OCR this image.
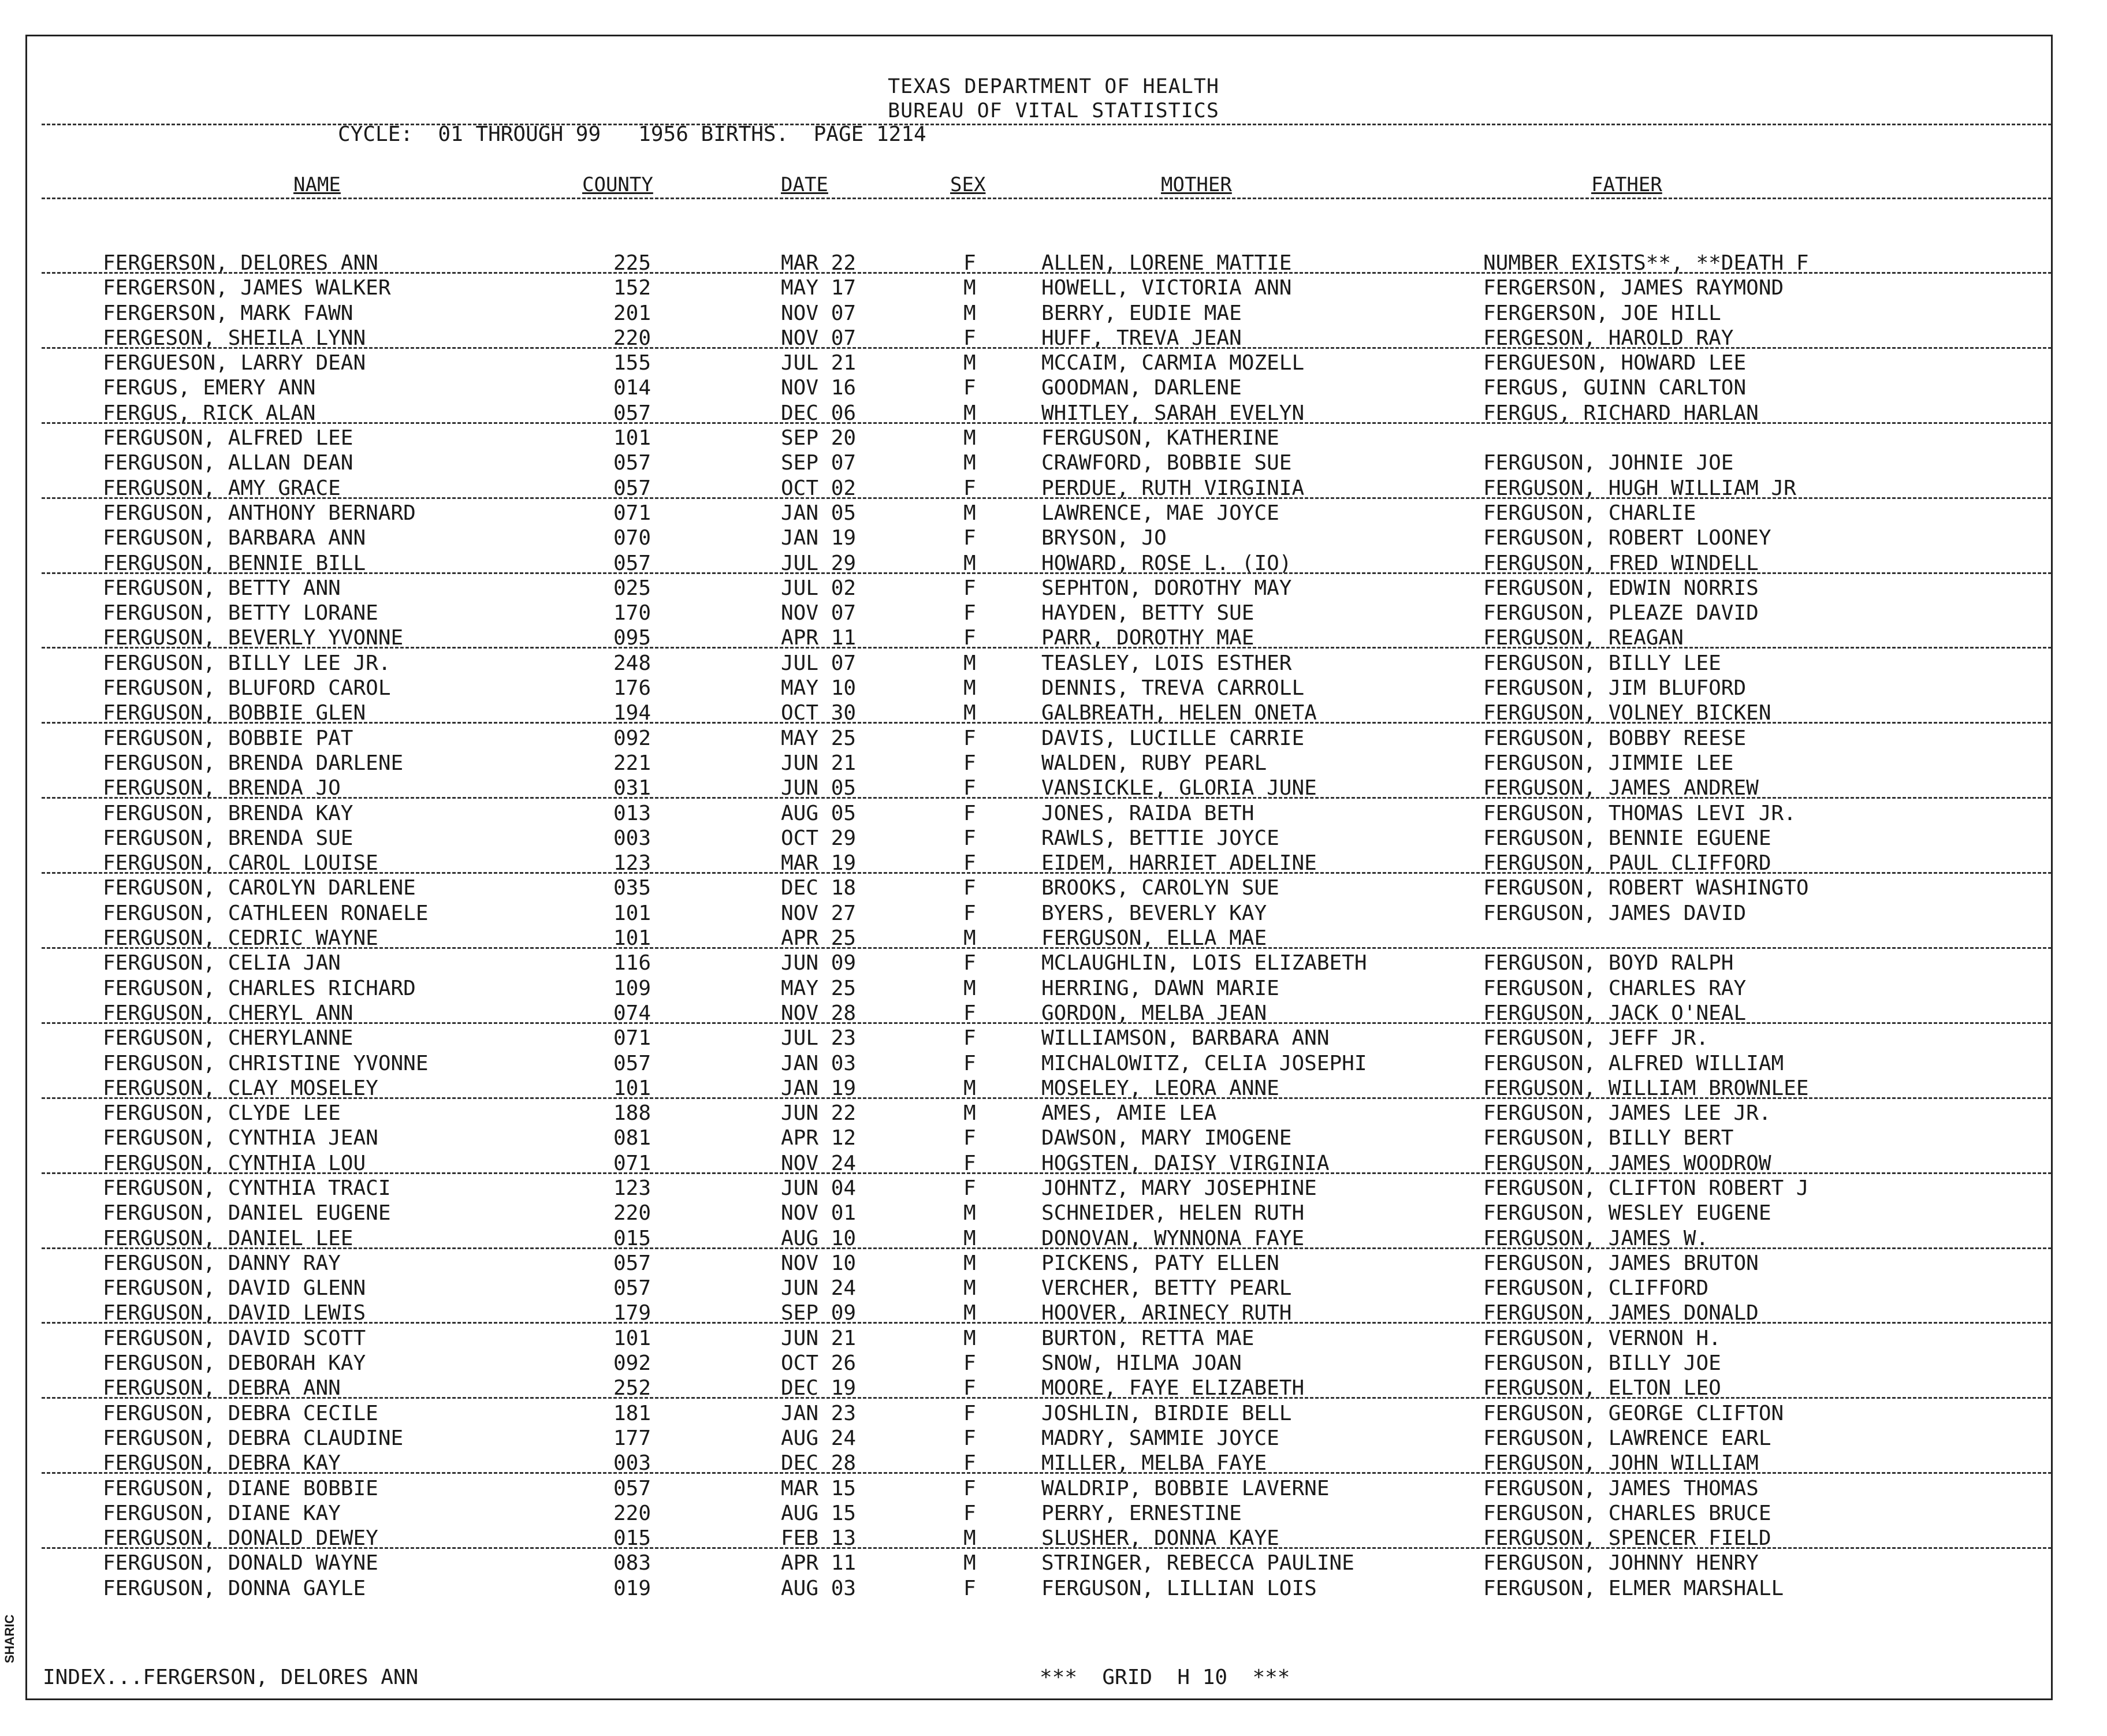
TEXAS DEPARTMENT OF HEALTH
BUREAU OF VITAL STATISTICS
CYCLE:  01 THROUGH 99   1956 BIRTHS.  PAGE 1214
NAME	COUNTY	DATE	SEX	MOTHER	FATHER
FERGERSON, DELORES ANN	225	MAR 22	F	ALLEN, LORENE MATTIE	NUMBER EXISTS**, **DEATH F
FERGERSON, JAMES WALKER	152	MAY 17	M	HOWELL, VICTORIA ANN	FERGERSON, JAMES RAYMOND
FERGERSON, MARK FAWN	201	NOV 07	M	BERRY, EUDIE MAE	FERGERSON, JOE HILL
FERGESON, SHEILA LYNN	220	NOV 07	F	HUFF, TREVA JEAN	FERGESON, HAROLD RAY
FERGUESON, LARRY DEAN	155	JUL 21	M	MCCAIM, CARMIA MOZELL	FERGUESON, HOWARD LEE
FERGUS, EMERY ANN	014	NOV 16	F	GOODMAN, DARLENE	FERGUS, GUINN CARLTON
FERGUS, RICK ALAN	057	DEC 06	M	WHITLEY, SARAH EVELYN	FERGUS, RICHARD HARLAN
FERGUSON, ALFRED LEE	101	SEP 20	M	FERGUSON, KATHERINE
FERGUSON, ALLAN DEAN	057	SEP 07	M	CRAWFORD, BOBBIE SUE	FERGUSON, JOHNIE JOE
FERGUSON, AMY GRACE	057	OCT 02	F	PERDUE, RUTH VIRGINIA	FERGUSON, HUGH WILLIAM JR
FERGUSON, ANTHONY BERNARD	071	JAN 05	M	LAWRENCE, MAE JOYCE	FERGUSON, CHARLIE
FERGUSON, BARBARA ANN	070	JAN 19	F	BRYSON, JO	FERGUSON, ROBERT LOONEY
FERGUSON, BENNIE BILL	057	JUL 29	M	HOWARD, ROSE L. (IO)	FERGUSON, FRED WINDELL
FERGUSON, BETTY ANN	025	JUL 02	F	SEPHTON, DOROTHY MAY	FERGUSON, EDWIN NORRIS
FERGUSON, BETTY LORANE	170	NOV 07	F	HAYDEN, BETTY SUE	FERGUSON, PLEAZE DAVID
FERGUSON, BEVERLY YVONNE	095	APR 11	F	PARR, DOROTHY MAE	FERGUSON, REAGAN
FERGUSON, BILLY LEE JR.	248	JUL 07	M	TEASLEY, LOIS ESTHER	FERGUSON, BILLY LEE
FERGUSON, BLUFORD CAROL	176	MAY 10	M	DENNIS, TREVA CARROLL	FERGUSON, JIM BLUFORD
FERGUSON, BOBBIE GLEN	194	OCT 30	M	GALBREATH, HELEN ONETA	FERGUSON, VOLNEY BICKEN
FERGUSON, BOBBIE PAT	092	MAY 25	F	DAVIS, LUCILLE CARRIE	FERGUSON, BOBBY REESE
FERGUSON, BRENDA DARLENE	221	JUN 21	F	WALDEN, RUBY PEARL	FERGUSON, JIMMIE LEE
FERGUSON, BRENDA JO	031	JUN 05	F	VANSICKLE, GLORIA JUNE	FERGUSON, JAMES ANDREW
FERGUSON, BRENDA KAY	013	AUG 05	F	JONES, RAIDA BETH	FERGUSON, THOMAS LEVI JR.
FERGUSON, BRENDA SUE	003	OCT 29	F	RAWLS, BETTIE JOYCE	FERGUSON, BENNIE EGUENE
FERGUSON, CAROL LOUISE	123	MAR 19	F	EIDEM, HARRIET ADELINE	FERGUSON, PAUL CLIFFORD
FERGUSON, CAROLYN DARLENE	035	DEC 18	F	BROOKS, CAROLYN SUE	FERGUSON, ROBERT WASHINGTO
FERGUSON, CATHLEEN RONAELE	101	NOV 27	F	BYERS, BEVERLY KAY	FERGUSON, JAMES DAVID
FERGUSON, CEDRIC WAYNE	101	APR 25	M	FERGUSON, ELLA MAE
FERGUSON, CELIA JAN	116	JUN 09	F	MCLAUGHLIN, LOIS ELIZABETH	FERGUSON, BOYD RALPH
FERGUSON, CHARLES RICHARD	109	MAY 25	M	HERRING, DAWN MARIE	FERGUSON, CHARLES RAY
FERGUSON, CHERYL ANN	074	NOV 28	F	GORDON, MELBA JEAN	FERGUSON, JACK O'NEAL
FERGUSON, CHERYLANNE	071	JUL 23	F	WILLIAMSON, BARBARA ANN	FERGUSON, JEFF JR.
FERGUSON, CHRISTINE YVONNE	057	JAN 03	F	MICHALOWITZ, CELIA JOSEPHI	FERGUSON, ALFRED WILLIAM
FERGUSON, CLAY MOSELEY	101	JAN 19	M	MOSELEY, LEORA ANNE	FERGUSON, WILLIAM BROWNLEE
FERGUSON, CLYDE LEE	188	JUN 22	M	AMES, AMIE LEA	FERGUSON, JAMES LEE JR.
FERGUSON, CYNTHIA JEAN	081	APR 12	F	DAWSON, MARY IMOGENE	FERGUSON, BILLY BERT
FERGUSON, CYNTHIA LOU	071	NOV 24	F	HOGSTEN, DAISY VIRGINIA	FERGUSON, JAMES WOODROW
FERGUSON, CYNTHIA TRACI	123	JUN 04	F	JOHNTZ, MARY JOSEPHINE	FERGUSON, CLIFTON ROBERT J
FERGUSON, DANIEL EUGENE	220	NOV 01	M	SCHNEIDER, HELEN RUTH	FERGUSON, WESLEY EUGENE
FERGUSON, DANIEL LEE	015	AUG 10	M	DONOVAN, WYNNONA FAYE	FERGUSON, JAMES W.
FERGUSON, DANNY RAY	057	NOV 10	M	PICKENS, PATY ELLEN	FERGUSON, JAMES BRUTON
FERGUSON, DAVID GLENN	057	JUN 24	M	VERCHER, BETTY PEARL	FERGUSON, CLIFFORD
FERGUSON, DAVID LEWIS	179	SEP 09	M	HOOVER, ARINECY RUTH	FERGUSON, JAMES DONALD
FERGUSON, DAVID SCOTT	101	JUN 21	M	BURTON, RETTA MAE	FERGUSON, VERNON H.
FERGUSON, DEBORAH KAY	092	OCT 26	F	SNOW, HILMA JOAN	FERGUSON, BILLY JOE
FERGUSON, DEBRA ANN	252	DEC 19	F	MOORE, FAYE ELIZABETH	FERGUSON, ELTON LEO
FERGUSON, DEBRA CECILE	181	JAN 23	F	JOSHLIN, BIRDIE BELL	FERGUSON, GEORGE CLIFTON
FERGUSON, DEBRA CLAUDINE	177	AUG 24	F	MADRY, SAMMIE JOYCE	FERGUSON, LAWRENCE EARL
FERGUSON, DEBRA KAY	003	DEC 28	F	MILLER, MELBA FAYE	FERGUSON, JOHN WILLIAM
FERGUSON, DIANE BOBBIE	057	MAR 15	F	WALDRIP, BOBBIE LAVERNE	FERGUSON, JAMES THOMAS
FERGUSON, DIANE KAY	220	AUG 15	F	PERRY, ERNESTINE	FERGUSON, CHARLES BRUCE
FERGUSON, DONALD DEWEY	015	FEB 13	M	SLUSHER, DONNA KAYE	FERGUSON, SPENCER FIELD
FERGUSON, DONALD WAYNE	083	APR 11	M	STRINGER, REBECCA PAULINE	FERGUSON, JOHNNY HENRY
FERGUSON, DONNA GAYLE	019	AUG 03	F	FERGUSON, LILLIAN LOIS	FERGUSON, ELMER MARSHALL
INDEX...FERGERSON, DELORES ANN	***  GRID  H 10  ***
SHARIC
